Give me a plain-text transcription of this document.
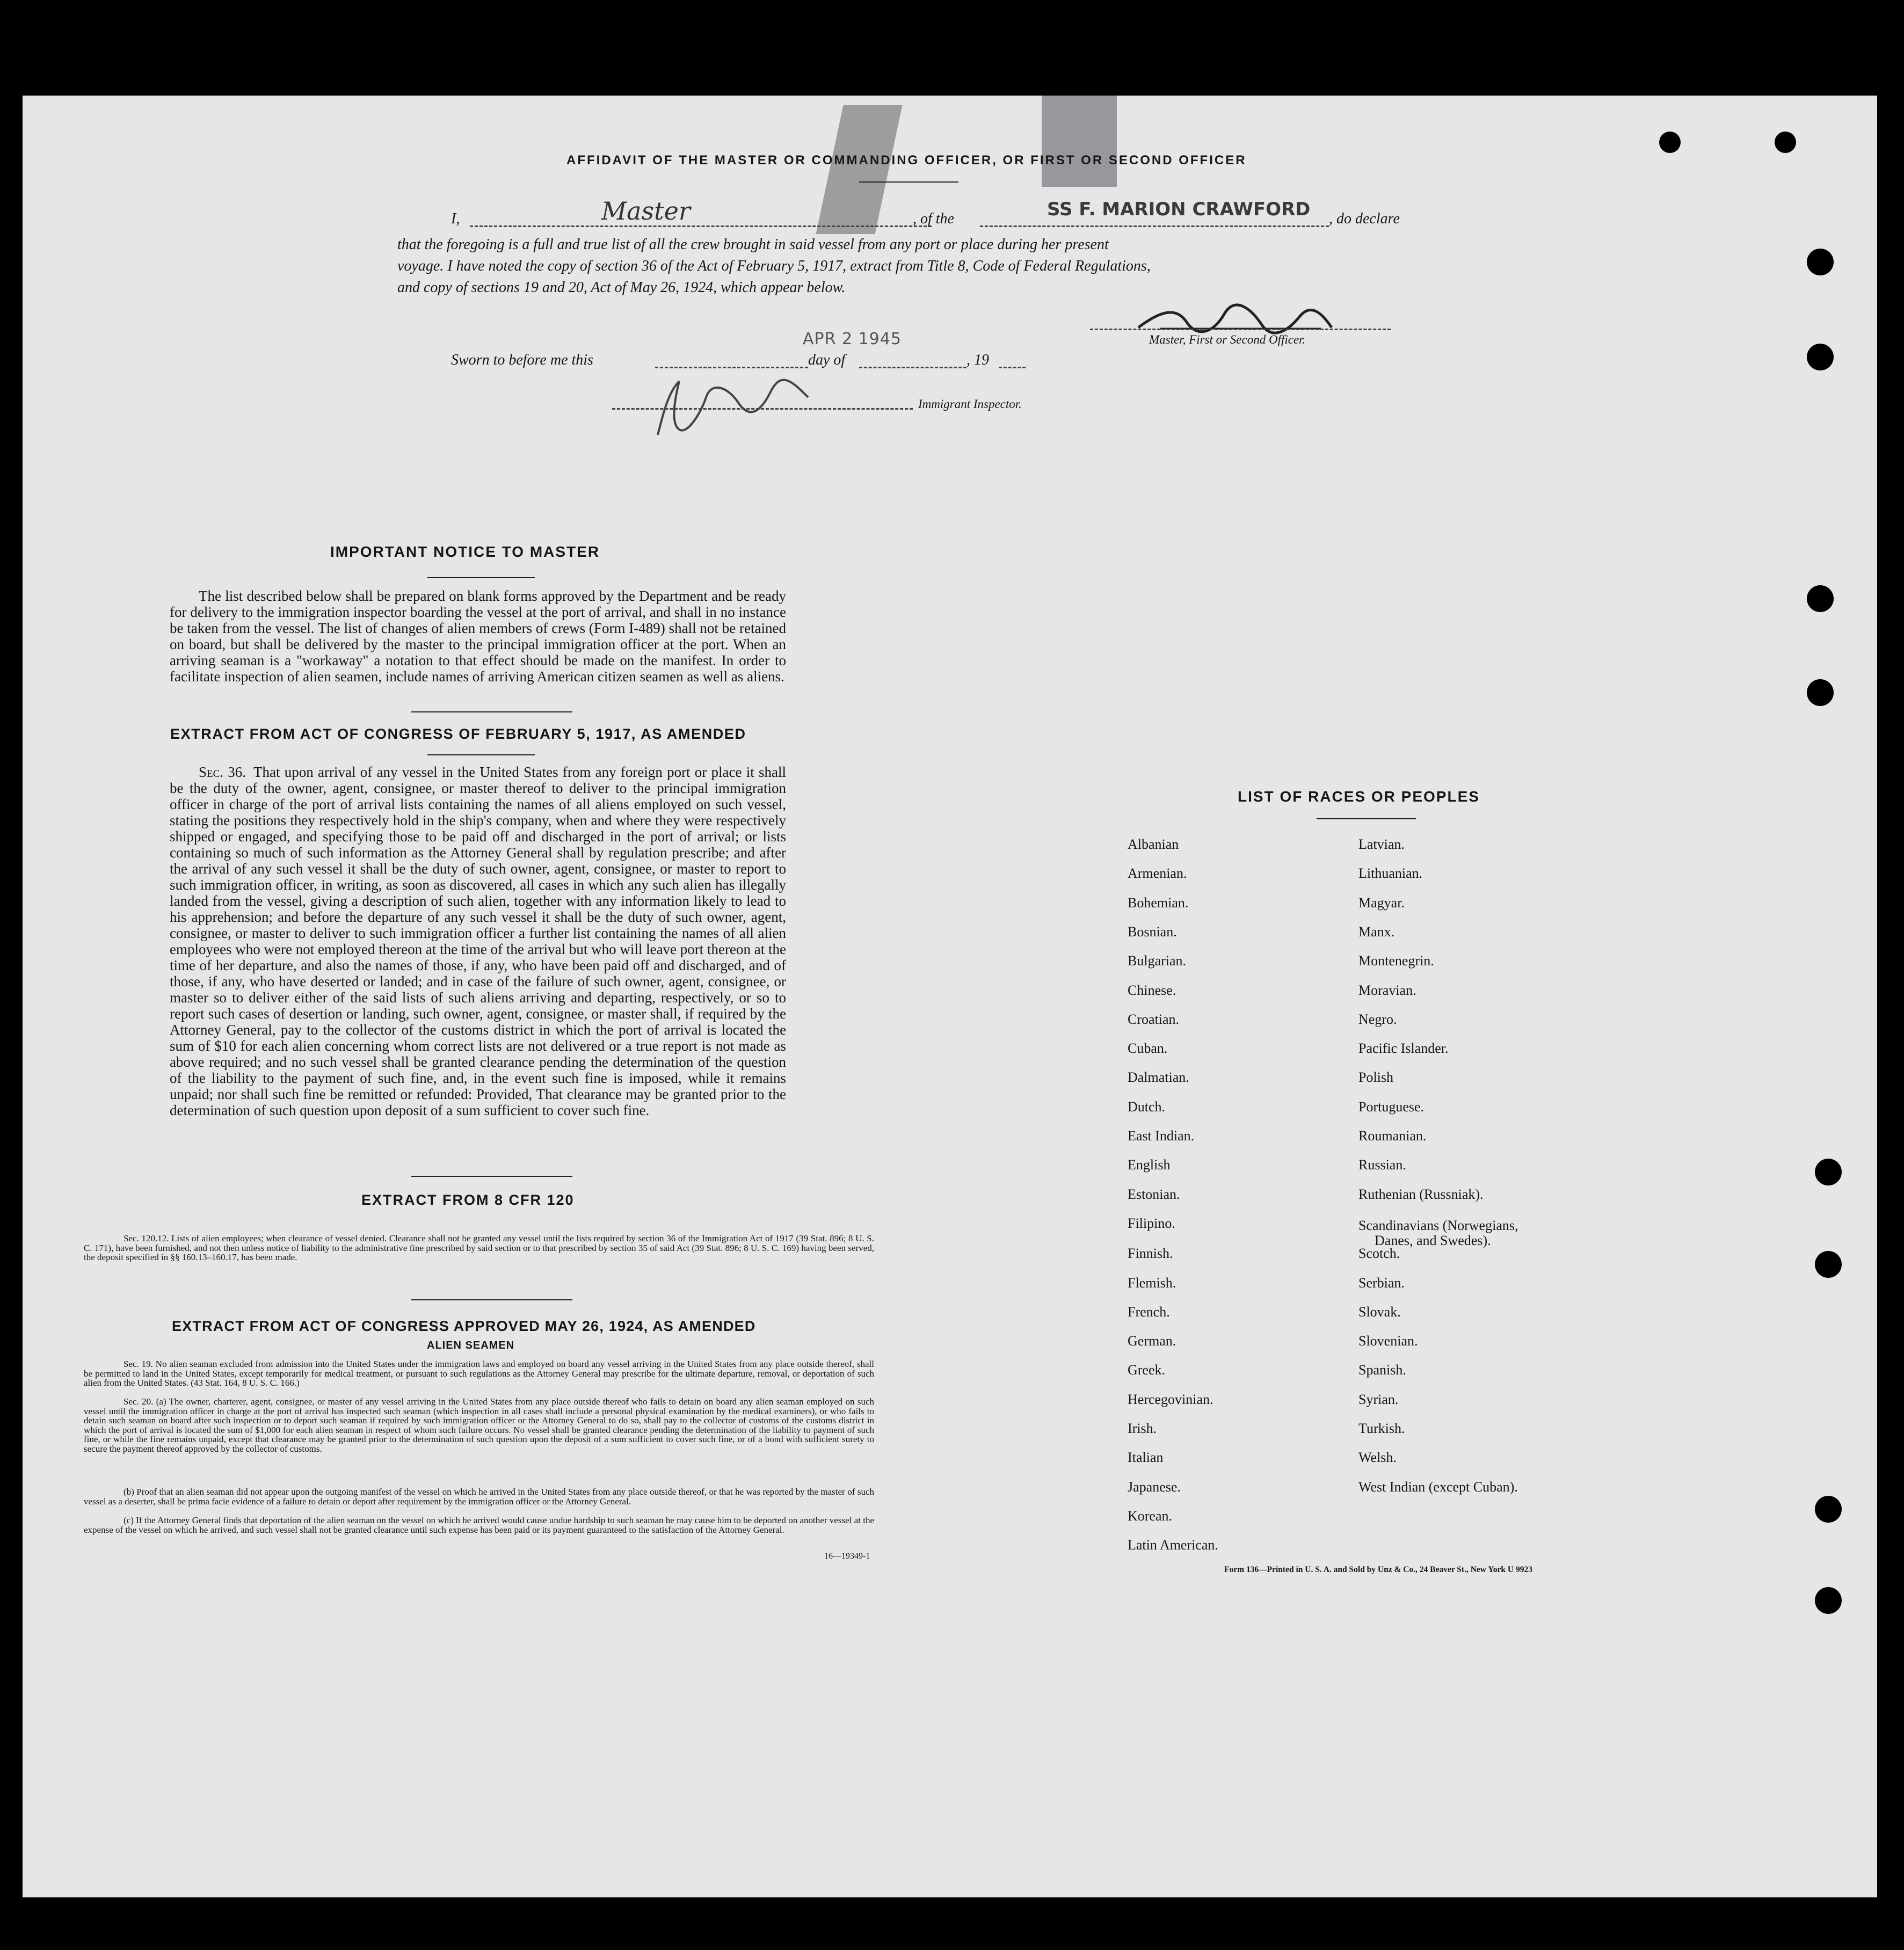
AFFIDAVIT OF THE MASTER OR COMMANDING OFFICER, OR FIRST OR SECOND OFFICER
I,	Master	, of the	SS F. MARION CRAWFORD , do declare
that the foregoing is a full and true list of all the crew brought in said vessel from any port or place during her present
voyage. I have noted the copy of section 36 of the Act of February 5, 1917, extract from Title 8, Code of Federal Regulations,
and copy of sections 19 and 20, Act of May 26, 1924, which appear below.
Master, First or Second Officer.
APR 2 1945
Sworn to before me this	day of	, 19
Immigrant Inspector.
IMPORTANT NOTICE TO MASTER
The list described below shall be prepared on blank forms approved by the Department and be ready for delivery to the immigration inspector boarding the vessel at the port of arrival, and shall in no instance be taken from the vessel. The list of changes of alien members of crews (Form I-489) shall not be retained on board, but shall be delivered by the master to the principal immigration officer at the port. When an arriving seaman is a "workaway" a notation to that effect should be made on the manifest. In order to facilitate inspection of alien seamen, include names of arriving American citizen seamen as well as aliens.
EXTRACT FROM ACT OF CONGRESS OF FEBRUARY 5, 1917, AS AMENDED
Sec. 36. That upon arrival of any vessel in the United States from any foreign port or place it shall be the duty of the owner, agent, consignee, or master thereof to deliver to the principal immigration officer in charge of the port of arrival lists containing the names of all aliens employed on such vessel, stating the positions they respectively hold in the ship's company, when and where they were respectively shipped or engaged, and specifying those to be paid off and discharged in the port of arrival; or lists containing so much of such information as the Attorney General shall by regulation prescribe; and after the arrival of any such vessel it shall be the duty of such owner, agent, consignee, or master to report to such immigration officer, in writing, as soon as discovered, all cases in which any such alien has illegally landed from the vessel, giving a description of such alien, together with any information likely to lead to his apprehension; and before the departure of any such vessel it shall be the duty of such owner, agent, consignee, or master to deliver to such immigration officer a further list containing the names of all alien employees who were not employed thereon at the time of the arrival but who will leave port thereon at the time of her departure, and also the names of those, if any, who have been paid off and discharged, and of those, if any, who have deserted or landed; and in case of the failure of such owner, agent, consignee, or master so to deliver either of the said lists of such aliens arriving and departing, respectively, or so to report such cases of desertion or landing, such owner, agent, consignee, or master shall, if required by the Attorney General, pay to the collector of the customs district in which the port of arrival is located the sum of $10 for each alien concerning whom correct lists are not delivered or a true report is not made as above required; and no such vessel shall be granted clearance pending the determination of the question of the liability to the payment of such fine, and, in the event such fine is imposed, while it remains unpaid; nor shall such fine be remitted or refunded: Provided, That clearance may be granted prior to the determination of such question upon deposit of a sum sufficient to cover such fine.
EXTRACT FROM 8 CFR 120
Sec. 120.12. Lists of alien employees; when clearance of vessel denied. Clearance shall not be granted any vessel until the lists required by section 36 of the Immigration Act of 1917 (39 Stat. 896; 8 U. S. C. 171), have been furnished, and not then unless notice of liability to the administrative fine prescribed by said section or to that prescribed by section 35 of said Act (39 Stat. 896; 8 U. S. C. 169) having been served, the deposit specified in §§ 160.13–160.17, has been made.
EXTRACT FROM ACT OF CONGRESS APPROVED MAY 26, 1924, AS AMENDED
ALIEN SEAMEN
Sec. 19. No alien seaman excluded from admission into the United States under the immigration laws and employed on board any vessel arriving in the United States from any place outside thereof, shall be permitted to land in the United States, except temporarily for medical treatment, or pursuant to such regulations as the Attorney General may prescribe for the ultimate departure, removal, or deportation of such alien from the United States. (43 Stat. 164, 8 U. S. C. 166.)
Sec. 20. (a) The owner, charterer, agent, consignee, or master of any vessel arriving in the United States from any place outside thereof who fails to detain on board any alien seaman employed on such vessel until the immigration officer in charge at the port of arrival has inspected such seaman (which inspection in all cases shall include a personal physical examination by the medical examiners), or who fails to detain such seaman on board after such inspection or to deport such seaman if required by such immigration officer or the Attorney General to do so, shall pay to the collector of customs of the customs district in which the port of arrival is located the sum of $1,000 for each alien seaman in respect of whom such failure occurs. No vessel shall be granted clearance pending the determination of the liability to payment of such fine, or while the fine remains unpaid, except that clearance may be granted prior to the determination of such question upon the deposit of a sum sufficient to cover such fine, or of a bond with sufficient surety to secure the payment thereof approved by the collector of customs.
(b) Proof that an alien seaman did not appear upon the outgoing manifest of the vessel on which he arrived in the United States from any place outside thereof, or that he was reported by the master of such vessel as a deserter, shall be prima facie evidence of a failure to detain or deport after requirement by the immigration officer or the Attorney General.
(c) If the Attorney General finds that deportation of the alien seaman on the vessel on which he arrived would cause undue hardship to such seaman he may cause him to be deported on another vessel at the expense of the vessel on which he arrived, and such vessel shall not be granted clearance until such expense has been paid or its payment guaranteed to the satisfaction of the Attorney General.
16—19349-1
LIST OF RACES OR PEOPLES
Albanian
Armenian.
Bohemian.
Bosnian.
Bulgarian.
Chinese.
Croatian.
Cuban.
Dalmatian.
Dutch.
East Indian.
English
Estonian.
Filipino.
Finnish.
Flemish.
French.
German.
Greek.
Hercegovinian.
Irish.
Italian
Japanese.
Korean.
Latin American.
Latvian.
Lithuanian.
Magyar.
Manx.
Montenegrin.
Moravian.
Negro.
Pacific Islander.
Polish
Portuguese.
Roumanian.
Russian.
Ruthenian (Russniak).
Scandinavians (Norwegians,
Danes, and Swedes).
Scotch.
Serbian.
Slovak.
Slovenian.
Spanish.
Syrian.
Turkish.
Welsh.
West Indian (except Cuban).
Form 136—Printed in U. S. A. and Sold by Unz & Co., 24 Beaver St., New York U 9923
